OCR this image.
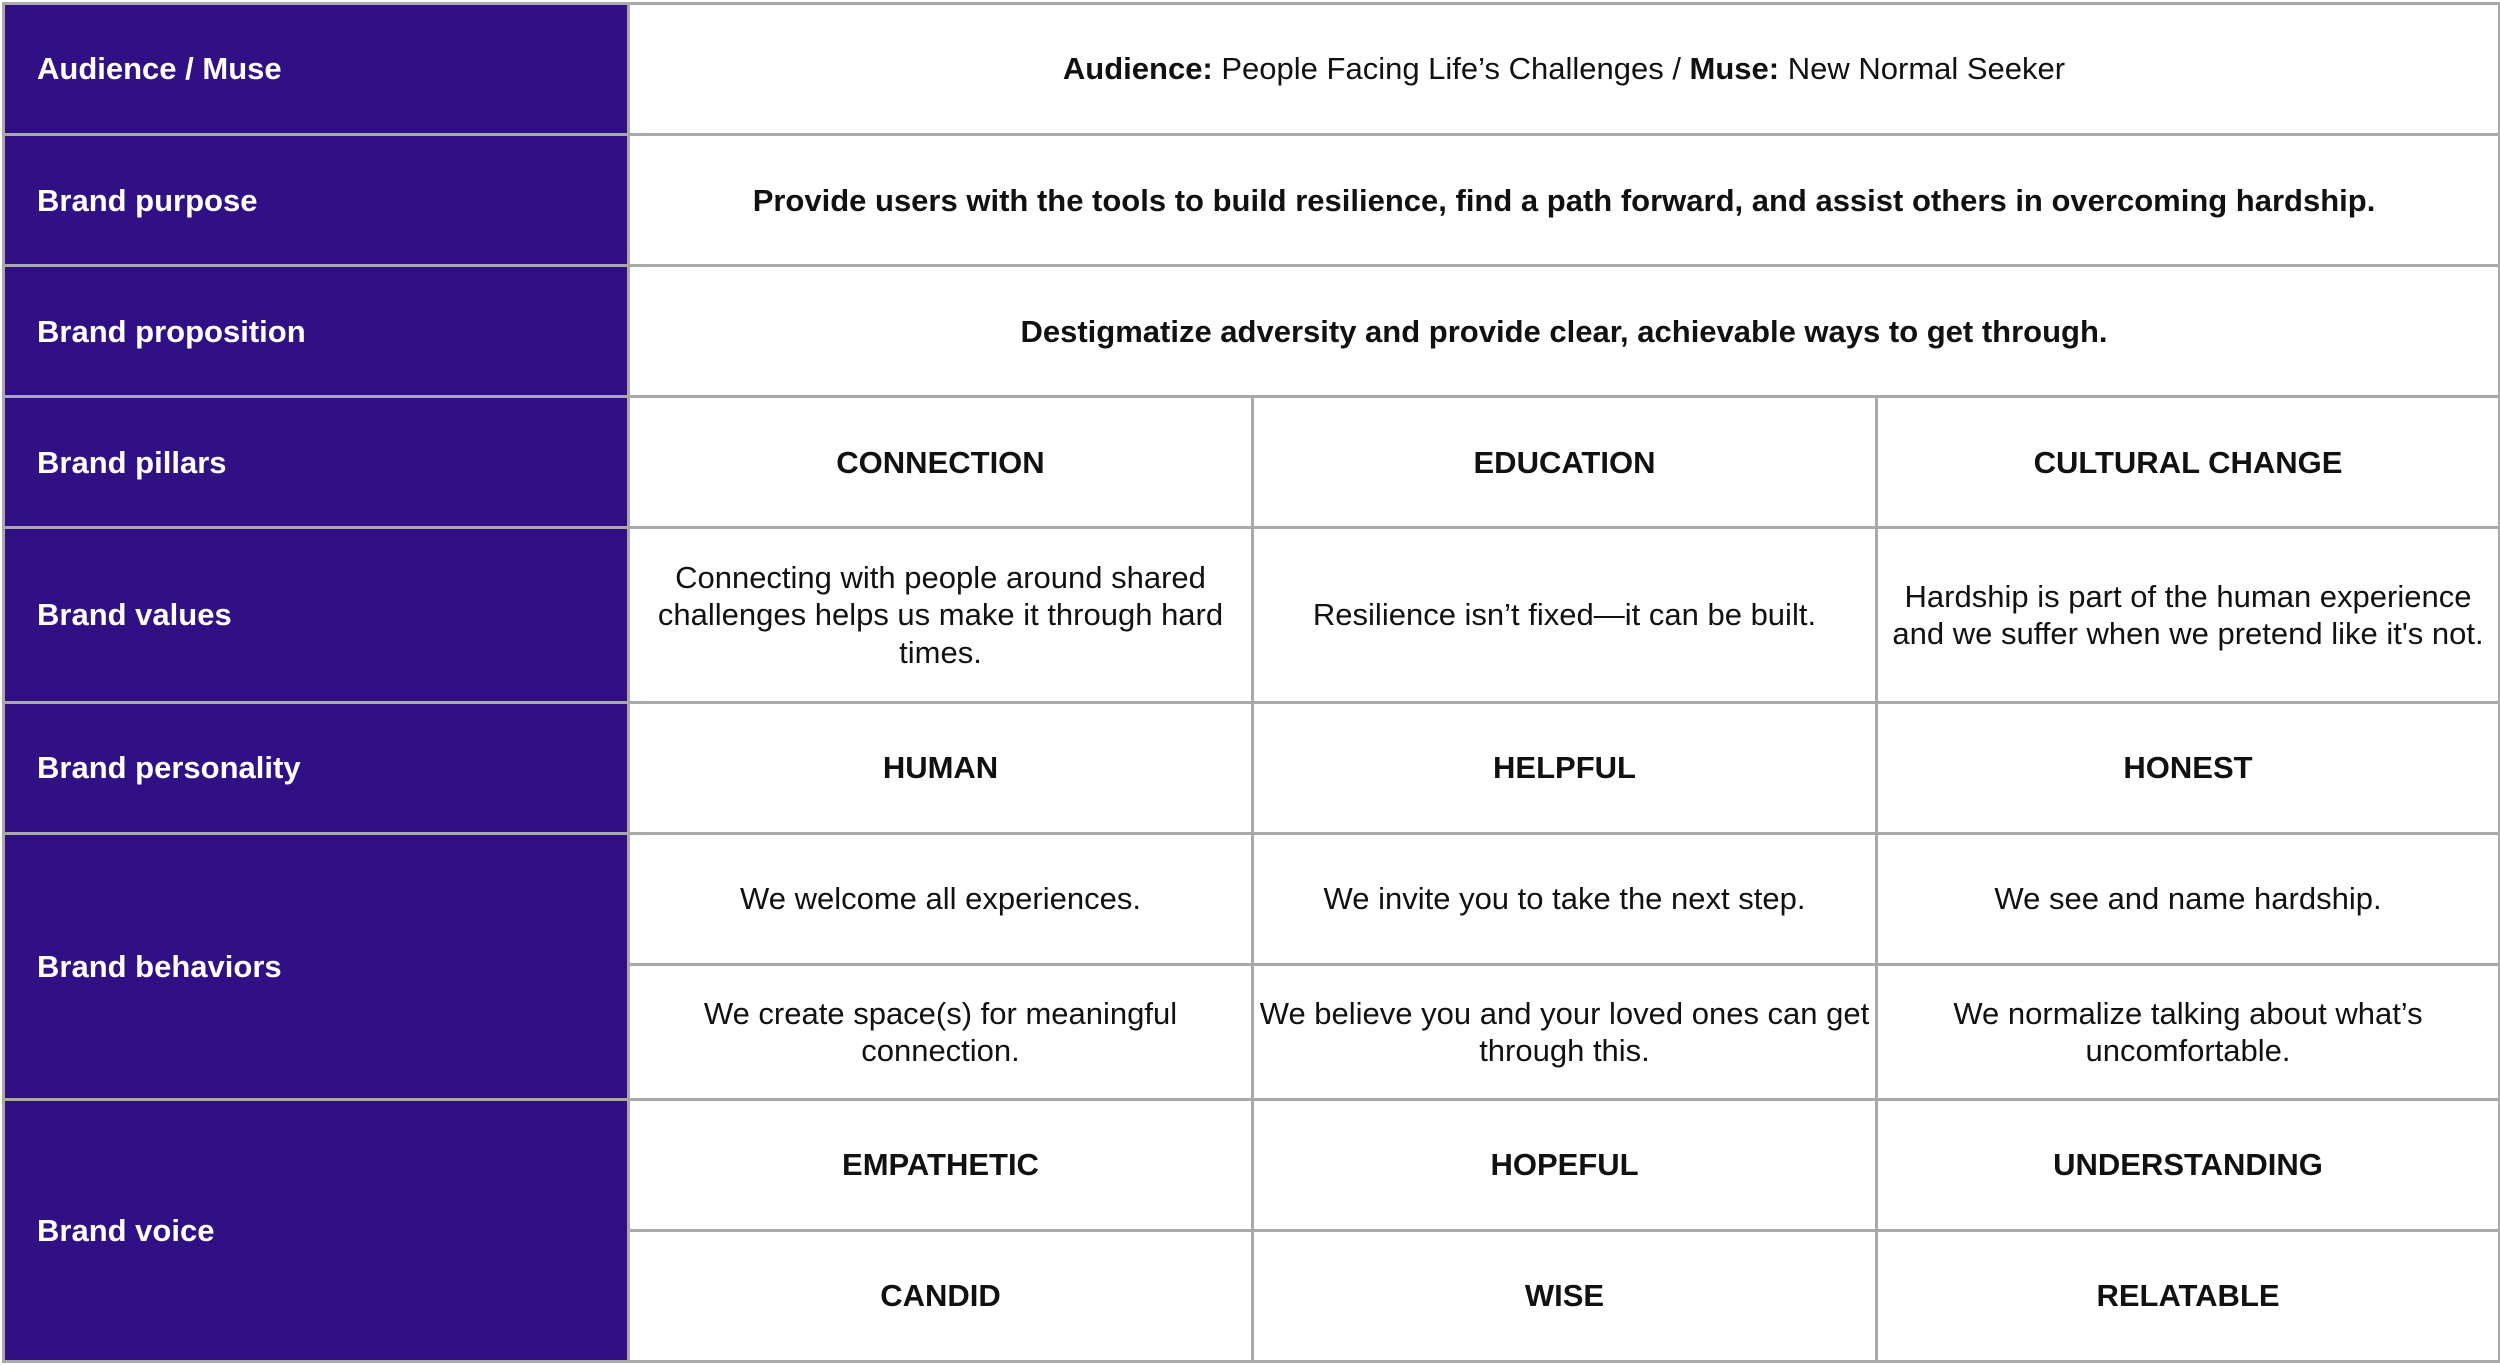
Audience / Muse	Audience: People Facing Life’s Challenges / Muse: New Normal Seeker		
Brand purpose	Provide users with the tools to build resilience, find a path forward, and assist others in overcoming hardship.		
Brand proposition	Destigmatize adversity and provide clear, achievable ways to get through.		
Brand pillars	CONNECTION	EDUCATION	CULTURAL CHANGE
Brand values	Connecting with people around shared challenges helps us make it through hard times.	Resilience isn’t fixed—it can be built.	Hardship is part of the human experience and we suffer when we pretend like it's not.
Brand personality	HUMAN	HELPFUL	HONEST
Brand behaviors	We welcome all experiences.	We invite you to take the next step.	We see and name hardship.
	We create space(s) for meaningful connection.	We believe you and your loved ones can get through this.	We normalize talking about what’s uncomfortable.
Brand voice	EMPATHETIC	HOPEFUL	UNDERSTANDING
	CANDID	WISE	RELATABLE
